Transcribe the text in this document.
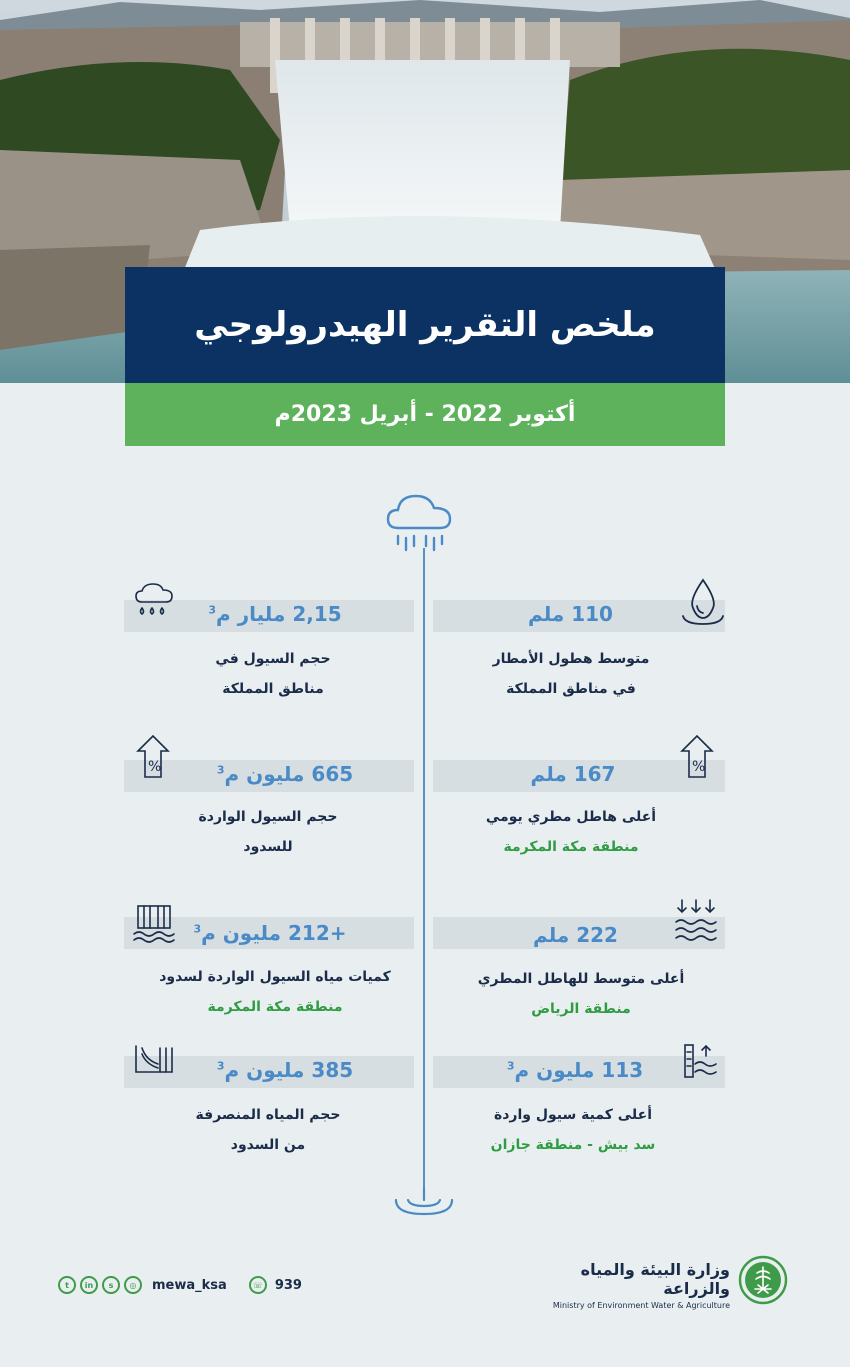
ملخص التقرير الهيدرولوجي
أكتوبر 2022 - أبريل 2023م
110 ملم
متوسط هطول الأمطار
في مناطق المملكة
2,15 مليار م$^3$
حجم السيول في
مناطق المملكة
167 ملم
أعلى هاطل مطري يومي
منطقة مكة المكرمة
%
665 مليون م$^3$
حجم السيول الواردة
للسدود
%
222 ملم
أعلى متوسط للهاطل المطري
منطقة الرياض
+212 مليون م$^3$
كميات مياه السيول الواردة لسدود
منطقة مكة المكرمة
113 مليون م$^3$
أعلى كمية سيول واردة
سد بيش - منطقة جازان
385 مليون م$^3$
حجم المياه المنصرفة
من السدود
t	in	s	◎	mewa_ksa	☏ 939
وزارة البيئة والمياه والزراعة
Ministry of Environment Water & Agriculture
